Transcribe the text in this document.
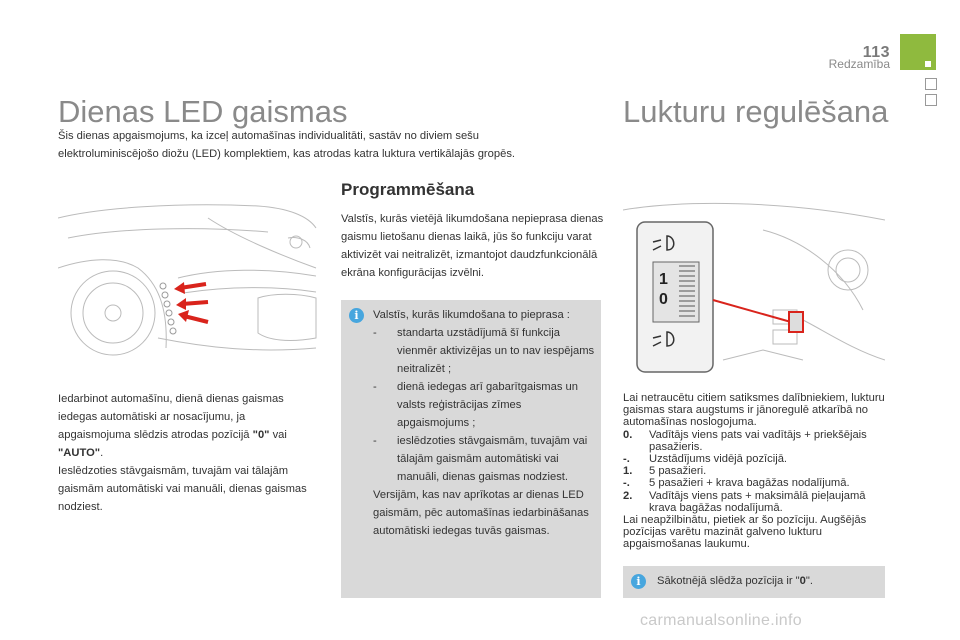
113
Redzamība
Dienas LED gaismas

Šis dienas apgaismojums, ka izceļ automašīnas individualitāti, sastāv no diviem sešu elektroluminiscējošo diožu (LED) komplektiem, kas atrodas katra luktura vertikālajās gropēs.

Iedarbinot automašīnu, dienā dienas gaismas iedegas automātiski ar nosacījumu, ja apgaismojuma slēdzis atrodas pozīcijā "0" vai "AUTO".

Ieslēdzoties stāvgaismām, tuvajām vai tālajām gaismām automātiski vai manuāli, dienas gaismas nodziest.

Programmēšana

Valstīs, kurās vietējā likumdošana nepieprasa dienas gaismu lietošanu dienas laikā, jūs šo funkciju varat aktivizēt vai neitralizēt, izmantojot daudzfunkcionālā ekrāna konfigurācijas izvēlni.

i	Valstīs, kurās likumdošana to pieprasa :

-	standarta uzstādījumā šī funkcija vienmēr aktivizējas un to nav iespējams neitralizēt ;
-	dienā iedegas arī gabarītgaismas un valsts reģistrācijas zīmes apgaismojums ;
-	ieslēdzoties stāvgaismām, tuvajām vai tālajām gaismām automātiski vai manuāli, dienas gaismas nodziest.

Versijām, kas nav aprīkotas ar dienas LED gaismām, pēc automašīnas iedarbināšanas automātiski iedegas tuvās gaismas.

Lukturu regulēšana
1
0

Lai netraucētu citiem satiksmes dalībniekiem, lukturu gaismas stara augstums ir jānoregulē atkarībā no automašīnas noslogojuma.

0.	Vadītājs viens pats vai vadītājs + priekšējais pasažieris.
-.	Uzstādījums vidējā pozīcijā.
1.	5 pasažieri.
-.	5 pasažieri + krava bagāžas nodalījumā.
2.	Vadītājs viens pats + maksimālā pieļaujamā krava bagāžas nodalījumā.

Lai neapžilbinātu, pietiek ar šo pozīciju. Augšējās pozīcijas varētu mazināt galveno lukturu apgaismošanas laukumu.

i	Sākotnējā slēdža pozīcija ir "0".
carmanualsonline.info
